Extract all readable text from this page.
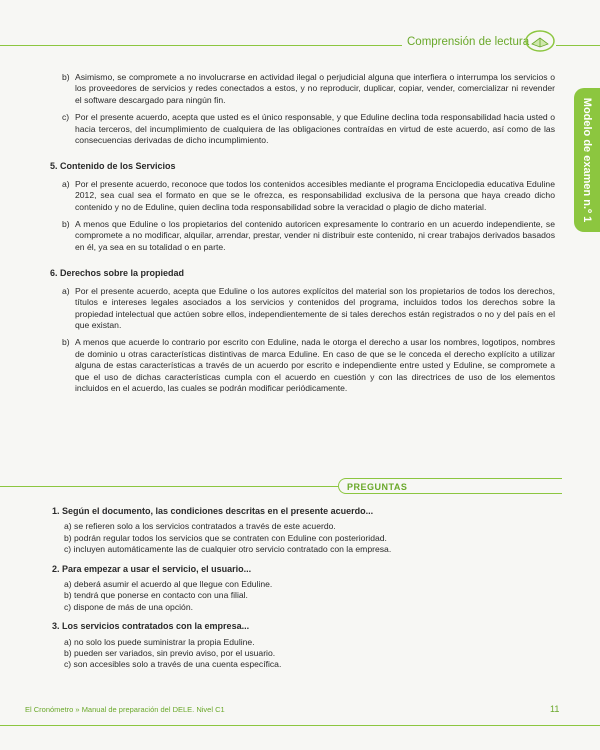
Comprensión de lectura
Modelo de examen n.º 1
b) Asimismo, se compromete a no involucrarse en actividad ilegal o perjudicial alguna que interfiera o interrumpa los servicios o los proveedores de servicios y redes conectados a estos, y no reproducir, duplicar, copiar, vender, comercializar ni revender el software descargado para ningún fin.
c) Por el presente acuerdo, acepta que usted es el único responsable, y que Eduline declina toda responsabilidad hacia usted o hacia terceros, del incumplimiento de cualquiera de las obligaciones contraídas en virtud de este acuerdo, así como de las consecuencias derivadas de dicho incumplimiento.
5. Contenido de los Servicios
a) Por el presente acuerdo, reconoce que todos los contenidos accesibles mediante el programa Enciclopedia educativa Eduline 2012, sea cual sea el formato en que se le ofrezca, es responsabilidad exclusiva de la persona que haya creado dicho contenido y no de Eduline, quien declina toda responsabilidad sobre la veracidad o plagio de dicho material.
b) A menos que Eduline o los propietarios del contenido autoricen expresamente lo contrario en un acuerdo independiente, se compromete a no modificar, alquilar, arrendar, prestar, vender ni distribuir este contenido, ni crear trabajos derivados basados en él, ya sea en su totalidad o en parte.
6. Derechos sobre la propiedad
a) Por el presente acuerdo, acepta que Eduline o los autores explícitos del material son los propietarios de todos los derechos, títulos e intereses legales asociados a los servicios y contenidos del programa, incluidos todos los derechos sobre la propiedad intelectual que actúen sobre ellos, independientemente de si tales derechos están registrados o no y del país en el que existan.
b) A menos que acuerde lo contrario por escrito con Eduline, nada le otorga el derecho a usar los nombres, logotipos, nombres de dominio u otras características distintivas de marca Eduline. En caso de que se le conceda el derecho explícito a utilizar alguna de estas características a través de un acuerdo por escrito e independiente entre usted y Eduline, se compromete a que el uso de dichas características cumpla con el acuerdo en cuestión y con las directrices de uso de los elementos incluidos en el acuerdo, las cuales se podrán modificar periódicamente.
PREGUNTAS
1. Según el documento, las condiciones descritas en el presente acuerdo...
a) se refieren solo a los servicios contratados a través de este acuerdo.
b) podrán regular todos los servicios que se contraten con Eduline con posterioridad.
c) incluyen automáticamente las de cualquier otro servicio contratado con la empresa.
2. Para empezar a usar el servicio, el usuario...
a) deberá asumir el acuerdo al que llegue con Eduline.
b) tendrá que ponerse en contacto con una filial.
c) dispone de más de una opción.
3. Los servicios contratados con la empresa...
a) no solo los puede suministrar la propia Eduline.
b) pueden ser variados, sin previo aviso, por el usuario.
c) son accesibles solo a través de una cuenta específica.
El Cronómetro » Manual de preparación del DELE. Nivel C1	11
